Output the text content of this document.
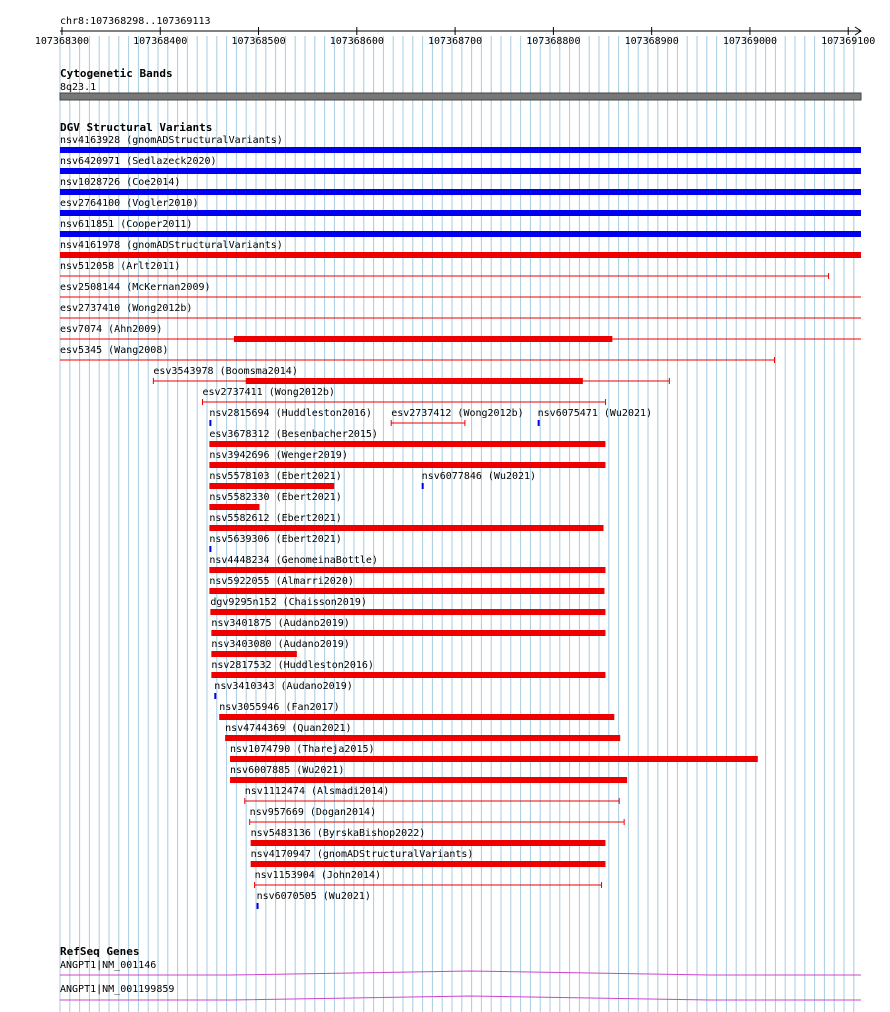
chr8:107368298..107369113
107368300	107368400	107368500	107368600	107368700	107368800	107368900	107369000	107369100
Cytogenetic Bands
8q23.1
DGV Structural Variants
nsv4163928 (gnomADStructuralVariants)
nsv6420971 (Sedlazeck2020)
nsv1028726 (Coe2014)
esv2764100 (Vogler2010)
nsv611851 (Cooper2011)
nsv4161978 (gnomADStructuralVariants)
nsv512058 (Arlt2011)
esv2508144 (McKernan2009)
esv2737410 (Wong2012b)
esv7074 (Ahn2009)
esv5345 (Wang2008)
esv3543978 (Boomsma2014)
esv2737411 (Wong2012b)
nsv2815694 (Huddleston2016) esv2737412 (Wong2012b) nsv6075471 (Wu2021)
esv3678312 (Besenbacher2015)
nsv3942696 (Wenger2019)
nsv5578103 (Ebert2021)	nsv6077846 (Wu2021)
nsv5582330 (Ebert2021)
nsv5582612 (Ebert2021)
nsv5639306 (Ebert2021)
nsv4448234 (GenomeinaBottle)
nsv5922055 (Almarri2020)
dgv9295n152 (Chaisson2019)
nsv3401875 (Audano2019)
nsv3403080 (Audano2019)
nsv2817532 (Huddleston2016)
nsv3410343 (Audano2019)
nsv3055946 (Fan2017)
nsv4744369 (Quan2021)
nsv1074790 (Thareja2015)
nsv6007885 (Wu2021)
nsv1112474 (Alsmadi2014)
nsv957669 (Dogan2014)
nsv5483136 (ByrskaBishop2022)
nsv4170947 (gnomADStructuralVariants)
nsv1153904 (John2014)
nsv6070505 (Wu2021)
RefSeq Genes
ANGPT1|NM_001146
ANGPT1|NM_001199859
